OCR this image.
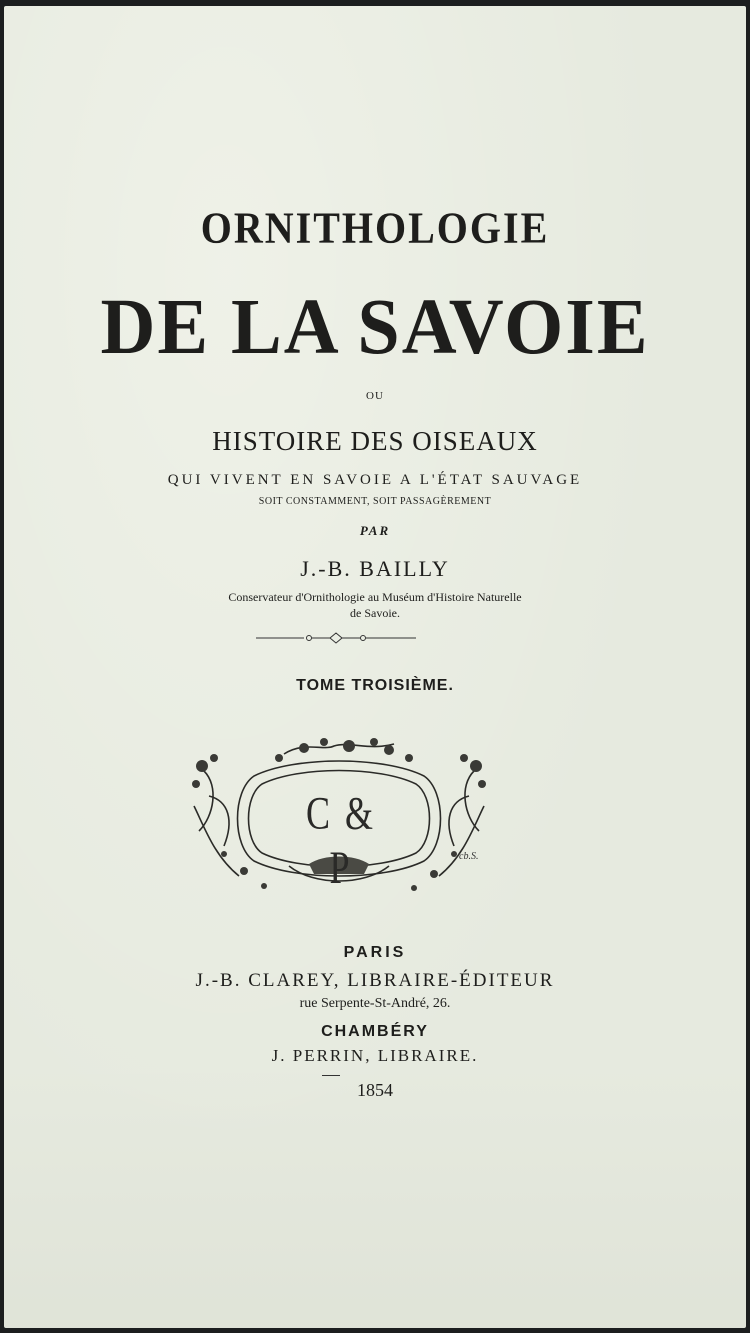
ORNITHOLOGIE
DE LA SAVOIE
OU
HISTOIRE DES OISEAUX
QUI VIVENT EN SAVOIE A L'ÉTAT SAUVAGE
SOIT CONSTAMMENT, SOIT PASSAGÈREMENT
PAR
J.-B. BAILLY
Conservateur d'Ornithologie au Muséum d'Histoire Naturelle
de Savoie.
TOME TROISIÈME.
C & P	cb.S.
PARIS
J.-B. CLAREY, LIBRAIRE-ÉDITEUR
rue Serpente-St-André, 26.
CHAMBÉRY
J. PERRIN, LIBRAIRE.
1854
